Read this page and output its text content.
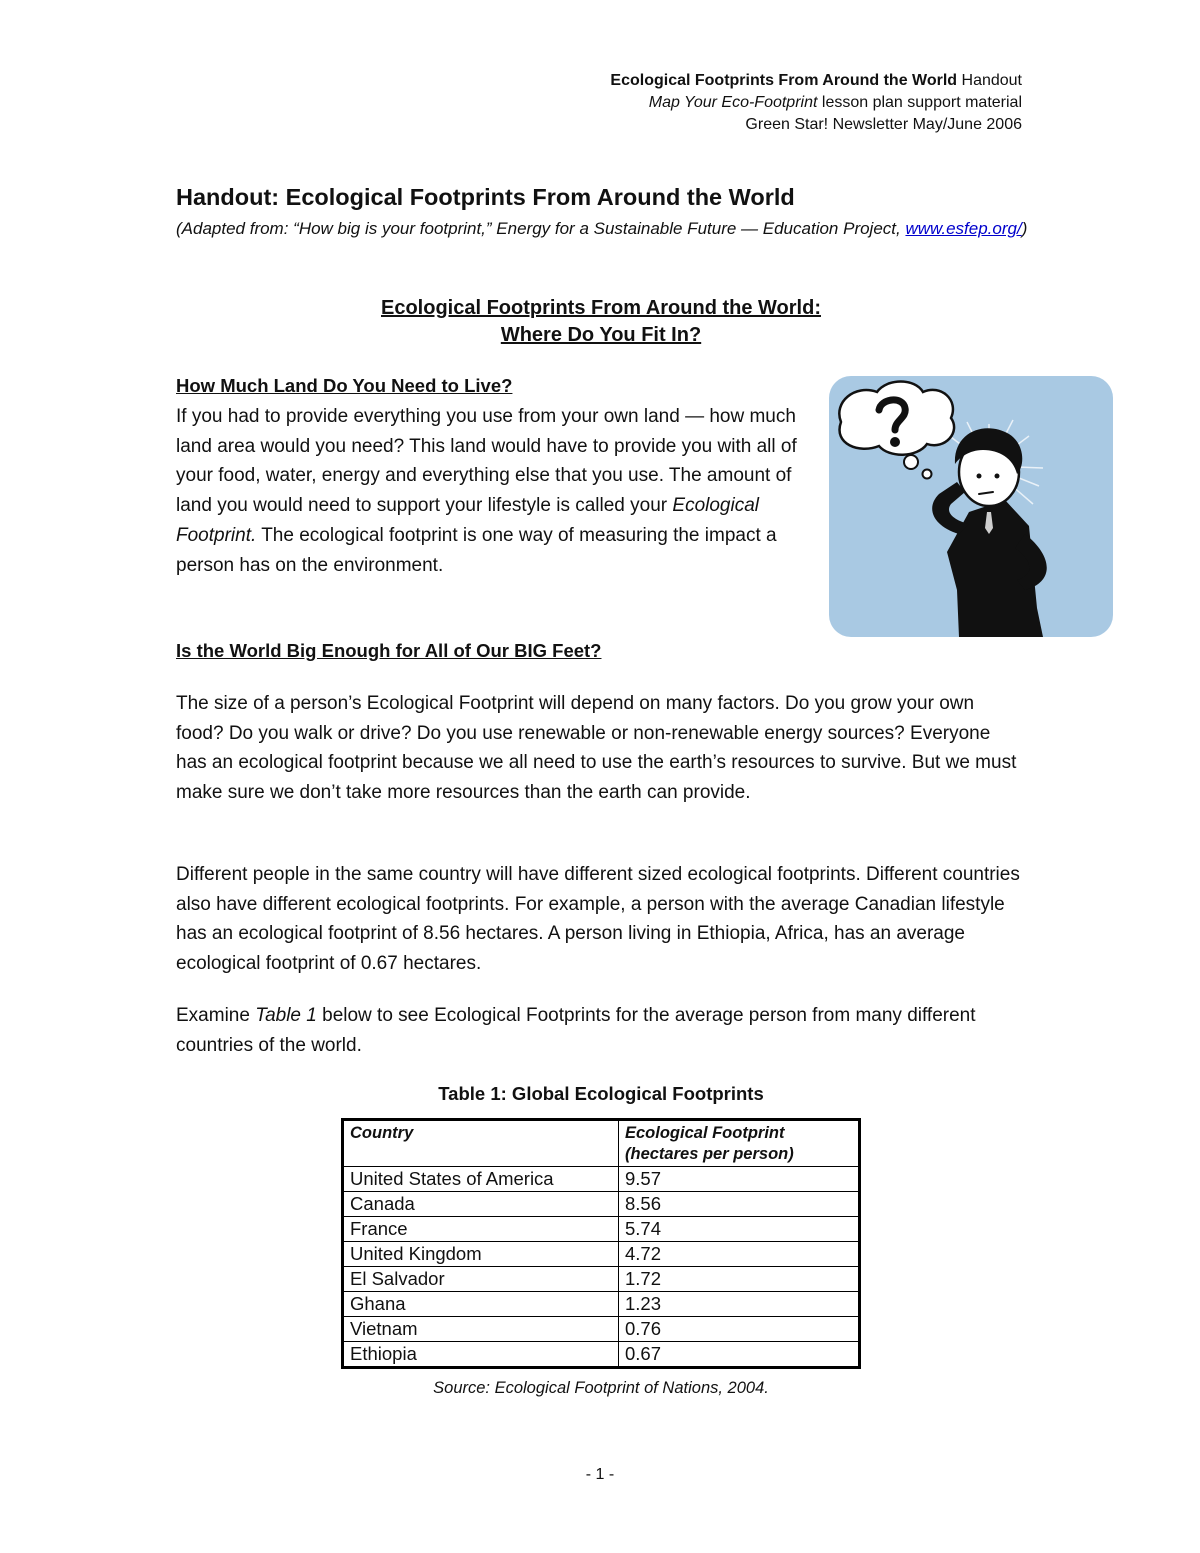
Ecological Footprints From Around the World Handout
Map Your Eco-Footprint lesson plan support material
Green Star! Newsletter May/June 2006
Handout: Ecological Footprints From Around the World
(Adapted from: “How big is your footprint,” Energy for a Sustainable Future — Education Project, www.esfep.org/)
Ecological Footprints From Around the World:
Where Do You Fit In?
How Much Land Do You Need to Live?

If you had to provide everything you use from your own land — how much land area would you need? This land would have to provide you with all of your food, water, energy and everything else that you use. The amount of land you would need to support your lifestyle is called your Ecological Footprint. The ecological footprint is one way of measuring the impact a person has on the environment.

Is the World Big Enough for All of Our BIG Feet?

The size of a person’s Ecological Footprint will depend on many factors. Do you grow your own food? Do you walk or drive? Do you use renewable or non-renewable energy sources? Everyone has an ecological footprint because we all need to use the earth’s resources to survive. But we must make sure we don’t take more resources than the earth can provide.

Different people in the same country will have different sized ecological footprints. Different countries also have different ecological footprints. For example, a person with the average Canadian lifestyle has an ecological footprint of 8.56 hectares. A person living in Ethiopia, Africa, has an average ecological footprint of 0.67 hectares.

Examine Table 1 below to see Ecological Footprints for the average person from many different countries of the world.

Table 1: Global Ecological Footprints
Country	Ecological Footprint
(hectares per person)

United States of America	9.57
Canada	8.56
France	5.74
United Kingdom	4.72
El Salvador	1.72
Ghana	1.23
Vietnam	0.76
Ethiopia	0.67
Source: Ecological Footprint of Nations, 2004.
- 1 -
